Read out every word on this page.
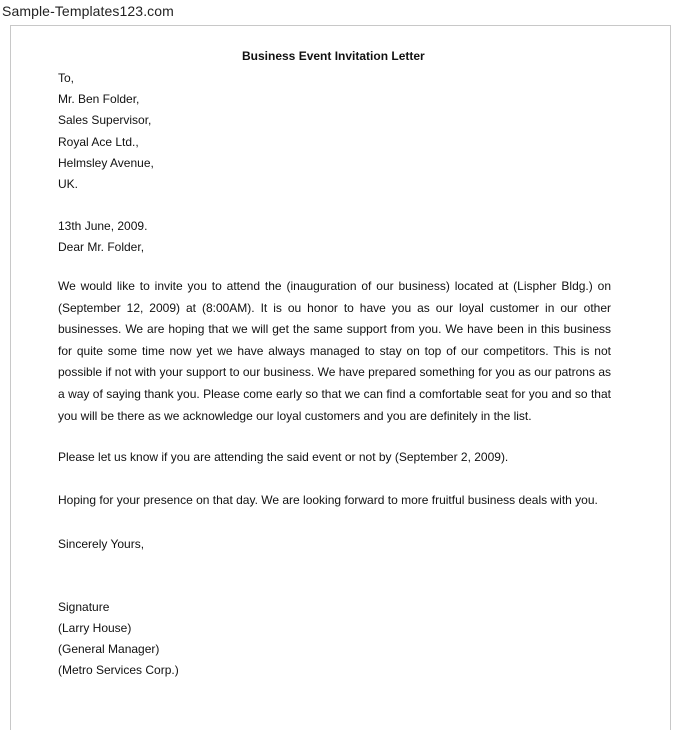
Sample-Templates123.com
Business Event Invitation Letter
To,
Mr. Ben Folder,
Sales Supervisor,
Royal Ace Ltd.,
Helmsley Avenue,
UK.
13th June, 2009.
Dear Mr. Folder,
We would like to invite you to attend the (inauguration of our business) located at (Lispher Bldg.) on (September 12, 2009) at (8:00AM). It is ou honor to have you as our loyal customer in our other businesses. We are hoping that we will get the same support from you. We have been in this business for quite some time now yet we have always managed to stay on top of our competitors. This is not possible if not with your support to our business. We have prepared something for you as our patrons as a way of saying thank you. Please come early so that we can find a comfortable seat for you and so that you will be there as we acknowledge our loyal customers and you are definitely in the list.
Please let us know if you are attending the said event or not by (September 2, 2009).
Hoping for your presence on that day. We are looking forward to more fruitful business deals with you.
Sincerely Yours,
Signature
(Larry House)
(General Manager)
(Metro Services Corp.)
